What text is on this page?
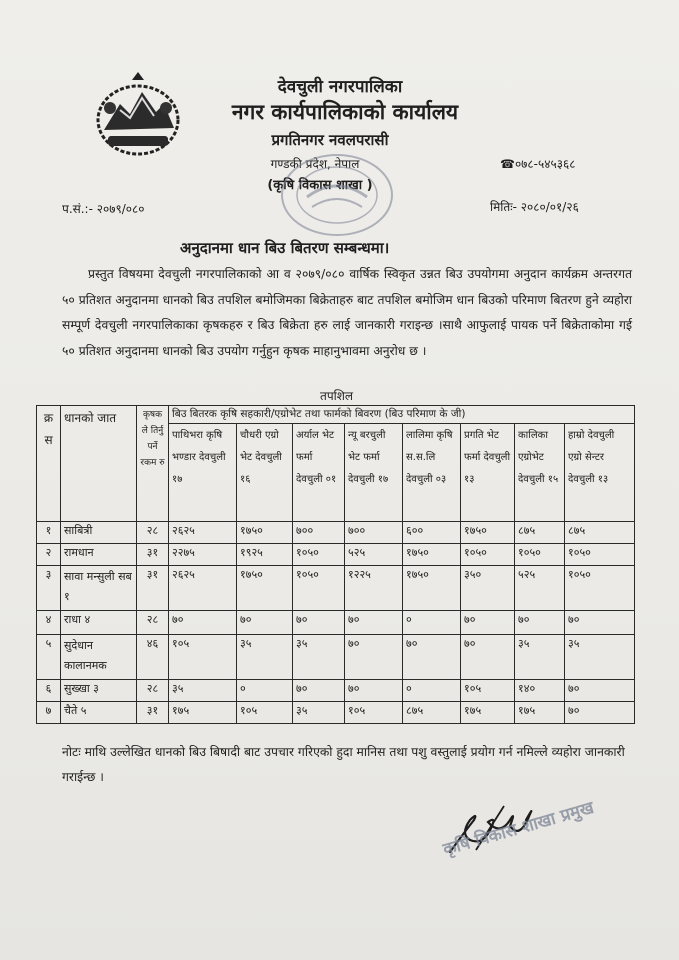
देवचुली नगरपालिका
नगर कार्यपालिकाको कार्यालय
प्रगतिनगर नवलपरासी
गण्डकी प्रदेश, नेपाल
(कृषि विकास शाखा )
☎०७८-५४५३६८
प.सं.:- २०७९/०८०	मितिः- २०८०/०१/२६
अनुदानमा धान बिउ बितरण सम्बन्धमा।
प्रस्तुत विषयमा देवचुली नगरपालिकाको आ व २०७९/०८० वार्षिक स्विकृत उन्नत बिउ उपयोगमा अनुदान कार्यक्रम अन्तरगत ५० प्रतिशत अनुदानमा धानको बिउ तपशिल बमोजिमका बिक्रेताहरु बाट तपशिल बमोजिम धान बिउको परिमाण बितरण हुने व्यहोरा सम्पूर्ण देवचुली नगरपालिकाका कृषकहरु र बिउ बिक्रेता हरु लाई जानकारी गराइन्छ ।साथै आफुलाई पायक पर्ने बिक्रेताकोमा गई ५० प्रतिशत अनुदानमा धानको बिउ उपयोग गर्नुहुन कृषक माहानुभावमा अनुरोध छ ।
तपशिल
क्र स	धानको जात	कृषक ले तिर्नु पर्ने रकम रु	बिउ बितरक कृषि सहकारी/एग्रोभेट तथा फार्मको बिवरण (बिउ परिमाण के जी)							
			पाथिभरा कृषि भण्डार देवचुली १७	चौधरी एग्रो भेट देवचुली १६	अर्याल भेट फर्मा देवचुली ०१	न्यू बरचुली भेट फर्मा देवचुली १७	लालिमा कृषि स.स.लि देवचुली ०३	प्रगति भेट फर्मा देवचुली १३	कालिका एग्रोभेट देवचुली १५	हाम्रो देवचुली एग्रो सेन्टर देवचुली १३
१	साबित्री	२८	२६२५	१७५०	७००	७००	६००	१७५०	८७५	८७५
२	रामधान	३१	२२७५	१९२५	१०५०	५२५	१७५०	१०५०	१०५०	१०५०
३	सावा मन्सुली सब १	३१	२६२५	१७५०	१०५०	१२२५	१७५०	३५०	५२५	१०५०
४	राधा ४	२८	७०	७०	७०	७०	०	७०	७०	७०
५	सुदेधान कालानमक	४६	१०५	३५	३५	७०	७०	७०	३५	३५
६	सुख्खा ३	२८	३५	०	७०	७०	०	१०५	१४०	७०
७	चैते ५	३१	१७५	१०५	३५	१०५	८७५	१७५	१७५	७०
नोटः माथि उल्लेखित धानको बिउ बिषादी बाट उपचार गरिएको हुदा मानिस तथा पशु वस्तुलाई प्रयोग गर्न नमिल्ले व्यहोरा जानकारी गराईन्छ ।
कृषि विकास शाखा प्रमुख
